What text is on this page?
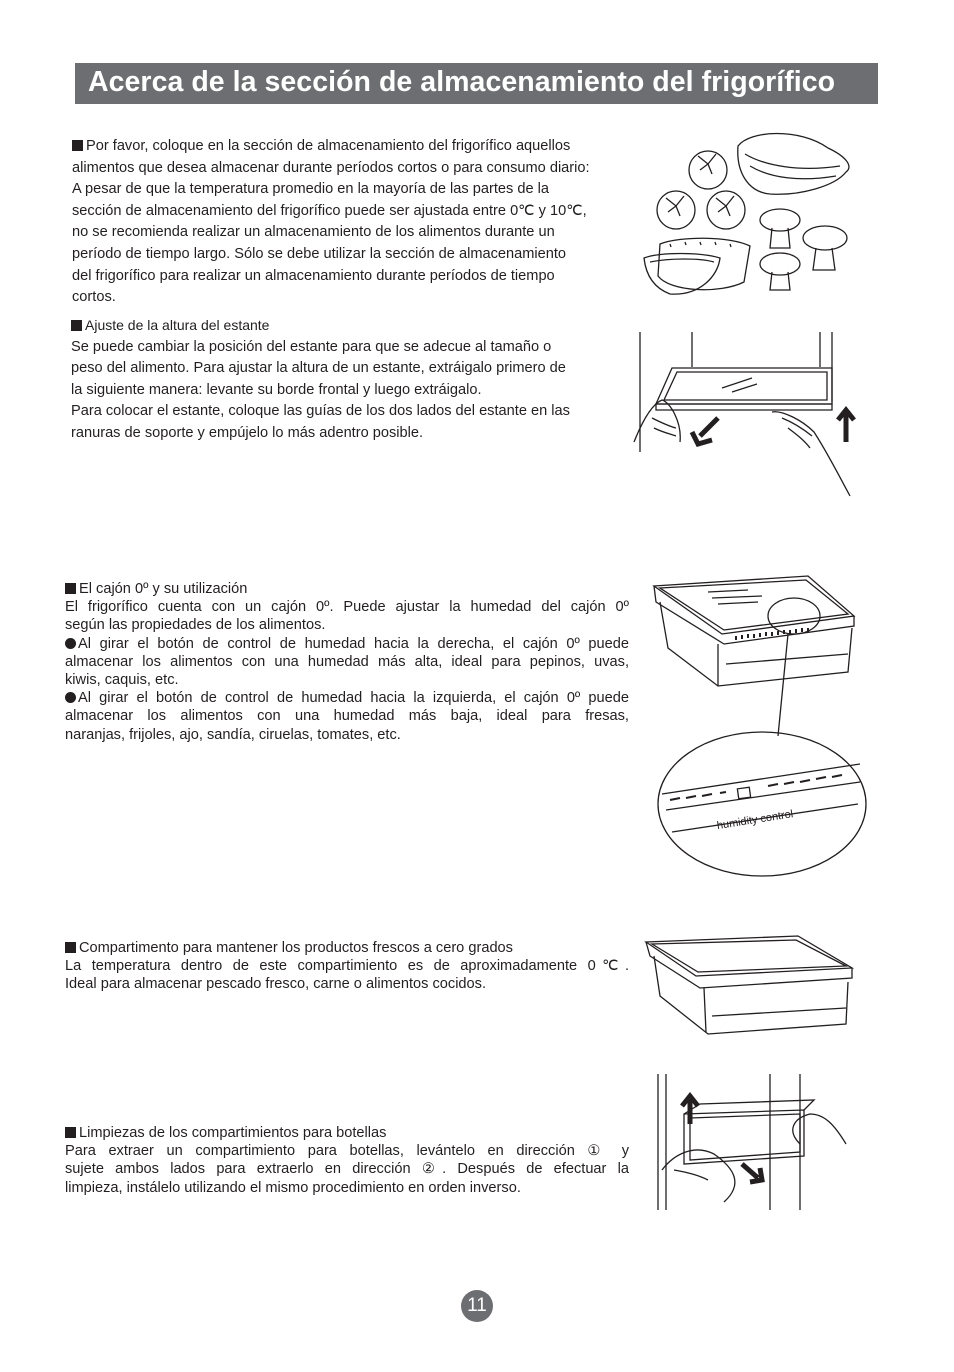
Acerca de la sección de almacenamiento del frigorífico
Por favor, coloque en la sección de almacenamiento del frigorífico aquellos
alimentos que desea almacenar durante períodos cortos o para consumo diario:
A pesar de que la temperatura promedio en la mayoría de las partes de la
sección de almacenamiento del frigorífico puede ser ajustada entre 0℃ y 10℃,
no se recomienda realizar un almacenamiento de los alimentos durante un
período de tiempo largo. Sólo se debe utilizar la sección de almacenamiento
del frigorífico para realizar un almacenamiento durante períodos de tiempo
cortos.
Ajuste de la altura del estante
Se puede cambiar la posición del estante para que se adecue al tamaño o
peso del alimento. Para ajustar la altura de un estante, extráigalo primero de
la siguiente manera: levante su borde frontal y luego extráigalo.
Para colocar el estante, coloque las guías de los dos lados del estante en las
ranuras de soporte y empújelo lo más adentro posible.
El cajón 0º y su utilización
El frigorífico cuenta con un cajón 0º. Puede ajustar la humedad del cajón 0º
según las propiedades de los alimentos.
Al girar el botón de control de humedad hacia la derecha, el cajón 0º puede
almacenar los alimentos con una humedad más alta, ideal para pepinos, uvas,
kiwis, caquis, etc.
Al girar el botón de control de humedad hacia la izquierda, el cajón 0º puede
almacenar los alimentos con una humedad más baja, ideal para fresas,
naranjas, frijoles, ajo, sandía, ciruelas, tomates, etc.
humidity control
Compartimento para mantener los productos frescos a cero grados
La temperatura dentro de este compartimiento es de aproximadamente 0℃.
Ideal para almacenar pescado fresco, carne o alimentos cocidos.
Limpiezas de los compartimientos para botellas
Para extraer un compartimiento para botellas, levántelo en dirección ① y
sujete ambos lados para extraerlo en dirección ②. Después de efectuar la
limpieza, instálelo utilizando el mismo procedimiento en orden inverso.
11
